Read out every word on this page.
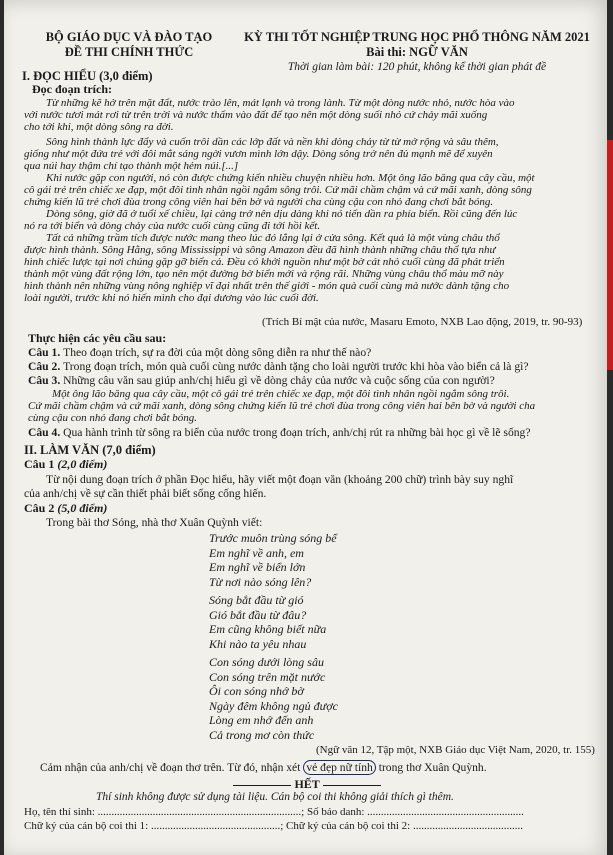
BỘ GIÁO DỤC VÀ ĐÀO TẠO
ĐỀ THI CHÍNH THỨC
KỲ THI TỐT NGHIỆP TRUNG HỌC PHỔ THÔNG NĂM 2021
Bài thi: NGỮ VĂN
Thời gian làm bài: 120 phút, không kể thời gian phát đề
I. ĐỌC HIỂU (3,0 điểm)
Đọc đoạn trích:
Từ những kẽ hở trên mặt đất, nước trào lên, mát lạnh và trong lành. Từ một dòng nước nhỏ, nước hòa vào
với nước tươi mát rơi từ trên trời và nước thấm vào đất để tạo nên một dòng suối nhỏ cứ chảy mãi xuống
cho tới khi, một dòng sông ra đời.
Sông hình thành lực đẩy và cuốn trôi dần các lớp đất và nền khi dòng chảy từ từ mở rộng và sâu thêm,
giống như một đứa trẻ với đôi mắt sáng ngời vươn mình lớn dậy. Dòng sông trở nên đủ mạnh mẽ để xuyên
qua núi hay thậm chí tạo thành một hẻm núi.[...]
Khi nước gặp con người, nó còn được chứng kiến nhiều chuyện nhiều hơn. Một ông lão băng qua cây cầu, một
cô gái trẻ trên chiếc xe đạp, một đôi tình nhân ngồi ngắm sông trôi. Cứ mãi chầm chậm và cứ mãi xanh, dòng sông
chứng kiến lũ trẻ chơi đùa trong công viên hai bên bờ và người cha cùng cậu con nhỏ đang chơi bắt bóng.
Dòng sông, giờ đã ở tuổi xế chiều, lại càng trở nên dịu dàng khi nó tiến dần ra phía biển. Rồi cũng đến lúc
nó ra tới biển và dòng chảy của nước cuối cùng cũng đi tới hồi kết.
Tất cả những trầm tích được nước mang theo lúc đó lắng lại ở cửa sông. Kết quả là một vùng châu thổ
được hình thành. Sông Hằng, sông Mississippi và sông Amazon đều đã hình thành những châu thổ tựa như
hình chiếc lược tại nơi chúng gặp gỡ biển cả. Đều có khởi nguồn như một bờ cát nhỏ cuối cùng đã phát triển
thành một vùng đất rộng lớn, tạo nên một đường bờ biển mới và rộng rãi. Những vùng châu thổ màu mỡ này
hình thành nên những vùng nông nghiệp vĩ đại nhất trên thế giới - món quà cuối cùng mà nước dành tặng cho
loài người, trước khi nó hiến mình cho đại dương vào lúc cuối đời.
(Trích Bí mật của nước, Masaru Emoto, NXB Lao động, 2019, tr. 90-93)
Thực hiện các yêu cầu sau:
Câu 1. Theo đoạn trích, sự ra đời của một dòng sông diễn ra như thế nào?
Câu 2. Trong đoạn trích, món quà cuối cùng nước dành tặng cho loài người trước khi hòa vào biển cả là gì?
Câu 3. Những câu văn sau giúp anh/chị hiểu gì về dòng chảy của nước và cuộc sống của con người?
Một ông lão băng qua cây cầu, một cô gái trẻ trên chiếc xe đạp, một đôi tình nhân ngồi ngắm sông trôi.
Cứ mãi chầm chậm và cứ mãi xanh, dòng sông chứng kiến lũ trẻ chơi đùa trong công viên hai bên bờ và người cha
cùng cậu con nhỏ đang chơi bắt bóng.
Câu 4. Qua hành trình từ sông ra biển của nước trong đoạn trích, anh/chị rút ra những bài học gì về lẽ sống?
II. LÀM VĂN (7,0 điểm)
Câu 1 (2,0 điểm)
Từ nội dung đoạn trích ở phần Đọc hiểu, hãy viết một đoạn văn (khoảng 200 chữ) trình bày suy nghĩ
của anh/chị về sự cần thiết phải biết sống cống hiến.
Câu 2 (5,0 điểm)
Trong bài thơ Sóng, nhà thơ Xuân Quỳnh viết:
Trước muôn trùng sóng bể
Em nghĩ về anh, em
Em nghĩ về biển lớn
Từ nơi nào sóng lên?
Sóng bắt đầu từ gió
Gió bắt đầu từ đâu?
Em cũng không biết nữa
Khi nào ta yêu nhau
Con sóng dưới lòng sâu
Con sóng trên mặt nước
Ôi con sóng nhớ bờ
Ngày đêm không ngủ được
Lòng em nhớ đến anh
Cả trong mơ còn thức
(Ngữ văn 12, Tập một, NXB Giáo dục Việt Nam, 2020, tr. 155)
Cảm nhận của anh/chị về đoạn thơ trên. Từ đó, nhận xét vẻ đẹp nữ tính trong thơ Xuân Quỳnh.
HẾT
Thí sinh không được sử dụng tài liệu. Cán bộ coi thi không giải thích gì thêm.
Họ, tên thí sinh: ..........................................................................; Số báo danh: .........................................................
Chữ ký của cán bộ coi thi 1: ...............................................; Chữ ký của cán bộ coi thi 2: ........................................
